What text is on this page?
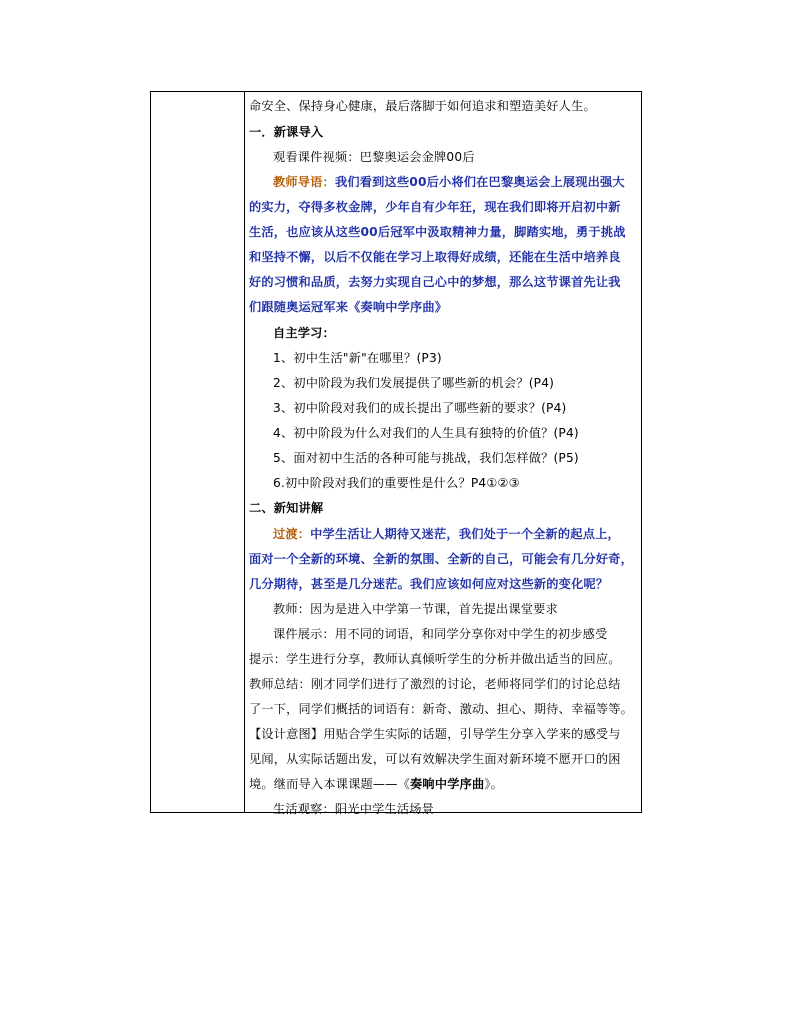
命安全、保持身心健康，最后落脚于如何追求和塑造美好人生。
一．新课导入
观看课件视频：巴黎奥运会金牌00后
教师导语：我们看到这些00后小将们在巴黎奥运会上展现出强大
的实力，夺得多枚金牌，少年自有少年狂，现在我们即将开启初中新
生活，也应该从这些00后冠军中汲取精神力量，脚踏实地，勇于挑战
和坚持不懈，以后不仅能在学习上取得好成绩，还能在生活中培养良
好的习惯和品质，去努力实现自己心中的梦想，那么这节课首先让我
们跟随奥运冠军来《奏响中学序曲》
自主学习：
1、初中生活"新"在哪里？(P3)
2、初中阶段为我们发展提供了哪些新的机会？(P4)
3、初中阶段对我们的成长提出了哪些新的要求？(P4)
4、初中阶段为什么对我们的人生具有独特的价值？(P4)
5、面对初中生活的各种可能与挑战，我们怎样做？(P5)
6.初中阶段对我们的重要性是什么？P4①②③
二、新知讲解
过渡：中学生活让人期待又迷茫，我们处于一个全新的起点上，
面对一个全新的环境、全新的氛围、全新的自己，可能会有几分好奇，
几分期待，甚至是几分迷茫。我们应该如何应对这些新的变化呢？
教师：因为是进入中学第一节课，首先提出课堂要求
课件展示：用不同的词语，和同学分享你对中学生的初步感受
提示：学生进行分享，教师认真倾听学生的分析并做出适当的回应。
教师总结：刚才同学们进行了激烈的讨论，老师将同学们的讨论总结
了一下，同学们概括的词语有：新奇、激动、担心、期待、幸福等等。
【设计意图】用贴合学生实际的话题，引导学生分享入学来的感受与
见闻，从实际话题出发，可以有效解决学生面对新环境不愿开口的困
境。继而导入本课课题——《奏响中学序曲》。
生活观察：阳光中学生活场景
